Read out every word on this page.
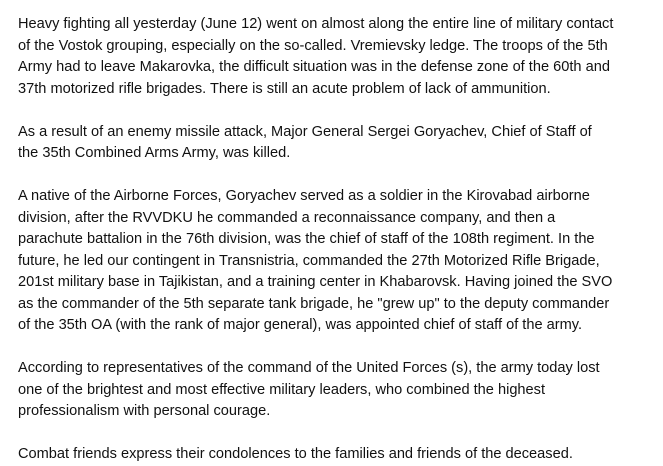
Heavy fighting all yesterday (June 12) went on almost along the entire line of military contact
of the Vostok grouping, especially on the so-called. Vremievsky ledge. The troops of the 5th
Army had to leave Makarovka, the difficult situation was in the defense zone of the 60th and
37th motorized rifle brigades. There is still an acute problem of lack of ammunition.

As a result of an enemy missile attack, Major General Sergei Goryachev, Chief of Staff of
the 35th Combined Arms Army, was killed.

A native of the Airborne Forces, Goryachev served as a soldier in the Kirovabad airborne
division, after the RVVDKU he commanded a reconnaissance company, and then a
parachute battalion in the 76th division, was the chief of staff of the 108th regiment. In the
future, he led our contingent in Transnistria, commanded the 27th Motorized Rifle Brigade,
201st military base in Tajikistan, and a training center in Khabarovsk. Having joined the SVO
as the commander of the 5th separate tank brigade, he "grew up" to the deputy commander
of the 35th OA (with the rank of major general), was appointed chief of staff of the army.

According to representatives of the command of the United Forces (s), the army today lost
one of the brightest and most effective military leaders, who combined the highest
professionalism with personal courage.

Combat friends express their condolences to the families and friends of the deceased.
